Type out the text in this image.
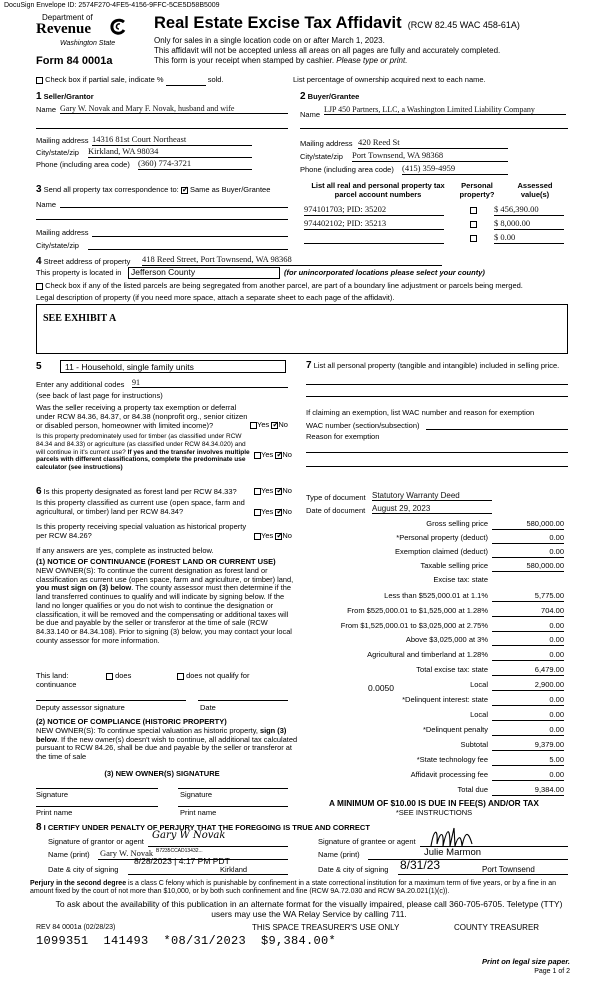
DocuSign Envelope ID: 2574F270-4FE5-4156-9FFC-5CE5D58B5009
Department of
Revenue
Washington State
Form 84 0001a
Real Estate Excise Tax Affidavit (RCW 82.45 WAC 458-61A)
Only for sales in a single location code on or after March 1, 2023.
This affidavit will not be accepted unless all areas on all pages are fully and accurately completed.
This form is your receipt when stamped by cashier. Please type or print.
Check box if partial sale, indicate %	sold.	List percentage of ownership acquired next to each name.
1 Seller/Grantor
Name Gary W. Novak and Mary F. Novak, husband and wife
Mailing address 14316 81st Court Northeast
City/state/zip Kirkland, WA 98034
Phone (including area code) (360) 774-3721
2 Buyer/Grantee
Name
LJP 450 Partners, LLC, a Washington Limited Liability Company
Mailing address 420 Reed St
City/state/zip Port Townsend, WA 98368
Phone (including area code) (415) 359-4959
3 Send all property tax correspondence to: ✓ Same as Buyer/Grantee
Name
Mailing address
City/state/zip
List all real and personal property tax parcel account numbers
Personal property?
Assessed value(s)
974101703; PID: 35202	$ 456,390.00
974402102; PID: 35213	$ 8,000.00
$ 0.00
4 Street address of property 418 Reed Street, Port Townsend, WA 98368
This property is located in	Jefferson County	(for unincorporated locations please select your county)
Check box if any of the listed parcels are being segregated from another parcel, are part of a boundary line adjustment or parcels being merged.
Legal description of property (if you need more space, attach a separate sheet to each page of the affidavit).
SEE EXHIBIT A
5	11 - Household, single family units
Enter any additional codes 91
(see back of last page for instructions)
Was the seller receiving a property tax exemption or deferral under RCW 84.36, 84.37, or 84.38 (nonprofit org., senior citizen or disabled person, homeowner with limited income)?	Yes ✓ No
Is this property predominately used for timber (as classified under RCW 84.34 and 84.33) or agriculture (as classified under RCW 84.34.020) and will continue in it's current use? If yes and the transfer involves multiple parcels with different classifications, complete the predominate use calculator (see instructions)
Yes ✓ No
6 Is this property designated as forest land per RCW 84.33?	Yes ✓ No
Is this property classified as current use (open space, farm and agricultural, or timber) land per RCW 84.34?	Yes ✓ No
Is this property receiving special valuation as historical property per RCW 84.26?	Yes ✓ No
If any answers are yes, complete as instructed below.
(1) NOTICE OF CONTINUANCE (FOREST LAND OR CURRENT USE)
NEW OWNER(S): To continue the current designation as forest land or classification as current use (open space, farm and agriculture, or timber) land, you must sign on (3) below. The county assessor must then determine if the land transferred continues to qualify and will indicate by signing below. If the land no longer qualifies or you do not wish to continue the designation or classification, it will be removed and the compensating or additional taxes will be due and payable by the seller or transferor at the time of sale (RCW 84.33.140 or 84.34.108). Prior to signing (3) below, you may contact your local county assessor for more information.
This land:	does	does not qualify for
continuance
Deputy assessor signature	Date
(2) NOTICE OF COMPLIANCE (HISTORIC PROPERTY)
NEW OWNER(S): To continue special valuation as historic property, sign (3) below. If the new owner(s) doesn't wish to continue, all additional tax calculated pursuant to RCW 84.26, shall be due and payable by the seller or transferor at the time of sale
(3) NEW OWNER(S) SIGNATURE
Signature	Signature
Print name	Print name
7 List all personal property (tangible and intangible) included in selling price.
If claiming an exemption, list WAC number and reason for exemption
WAC number (section/subsection)
Reason for exemption
Type of document Statutory Warranty Deed
Date of document August 29, 2023
Gross selling price	580,000.00
*Personal property (deduct)	0.00
Exemption claimed (deduct)	0.00
Taxable selling price	580,000.00
Excise tax: state
Less than $525,000.01 at 1.1%	5,775.00
From $525,000.01 to $1,525,000 at 1.28%	704.00
From $1,525,000.01 to $3,025,000 at 2.75%	0.00
Above $3,025,000 at 3%	0.00
Agricultural and timberland at 1.28%	0.00
Total excise tax: state	6,479.00
Local	2,900.00
*Delinquent interest: state	0.00
Local	0.00
*Delinquent penalty	0.00
Subtotal	9,379.00
*State technology fee	5.00
Affidavit processing fee	0.00
Total due	9,384.00
0.0050
A MINIMUM OF $10.00 IS DUE IN FEE(S) AND/OR TAX
*SEE INSTRUCTIONS
8 I CERTIFY UNDER PENALTY OF PERJURY THAT THE FOREGOING IS TRUE AND CORRECT
Signature of grantor or agent
Gary W Novak
Name (print) Gary W. Novak B7235CCAD13432...
Date & city of signing
8/28/2023 | 4:17 PM PDT
Kirkland
Signature of grantee or agent
Name (print)	Julie Marmon
Date & city of signing 8/31/23	Port Townsend
Perjury in the second degree is a class C felony which is punishable by confinement in a state correctional institution for a maximum term of five years, or by a fine in an amount fixed by the court of not more than $10,000, or by both such confinement and fine (RCW 9A.72.030 and RCW 9A.20.021(1)(c)).
To ask about the availability of this publication in an alternate format for the visually impaired, please call 360-705-6705. Teletype (TTY) users may use the WA Relay Service by calling 711.
REV 84 0001a (02/28/23)	THIS SPACE TREASURER'S USE ONLY	COUNTY TREASURER
1099351  141493  *08/31/2023  $9,384.00*
Print on legal size paper.
Page 1 of 2
